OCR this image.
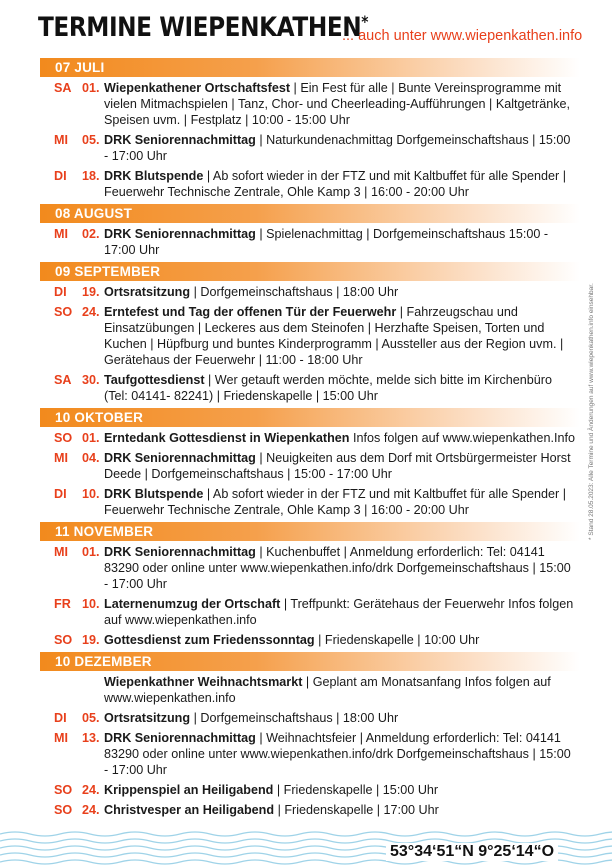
TERMINE WIEPENKATHEN*
... auch unter www.wiepenkathen.info
07 JULI
SA 01. Wiepenkathener Ortschaftsfest | Ein Fest für alle | Bunte Vereinsprogramme mit vielen Mitmachspielen | Tanz, Chor- und Cheerleading-Aufführungen | Kaltgetränke, Speisen uvm. | Festplatz | 10:00 - 15:00 Uhr
MI	05. DRK Seniorennachmittag | Naturkundenachmittag Dorfgemeinschaftshaus | 15:00 - 17:00 Uhr
DI	18. DRK Blutspende | Ab sofort wieder in der FTZ und mit Kaltbuffet für alle Spender | Feuerwehr Technische Zentrale, Ohle Kamp 3 | 16:00 - 20:00 Uhr
08 AUGUST
MI	02. DRK Seniorennachmittag | Spielenachmittag | Dorfgemeinschaftshaus 15:00 - 17:00 Uhr
09 SEPTEMBER
DI	19. Ortsratsitzung | Dorfgemeinschaftshaus | 18:00 Uhr
SO 24. Erntefest und Tag der offenen Tür der Feuerwehr | Fahrzeugschau und Einsatzübungen | Leckeres aus dem Steinofen | Herzhafte Speisen, Torten und Kuchen | Hüpfburg und buntes Kinderprogramm | Aussteller aus der Region uvm. | Gerätehaus der Feuerwehr | 11:00 - 18:00 Uhr
SA 30. Taufgottesdienst | Wer getauft werden möchte, melde sich bitte im Kirchenbüro (Tel: 04141- 82241) | Friedenskapelle | 15:00 Uhr
10 OKTOBER
SO 01. Erntedank Gottesdienst in Wiepenkathen Infos folgen auf www.wiepenkathen.Info
MI	04. DRK Seniorennachmittag | Neuigkeiten aus dem Dorf mit Ortsbürgermeister Horst Deede | Dorfgemeinschaftshaus | 15:00 - 17:00 Uhr
DI	10. DRK Blutspende | Ab sofort wieder in der FTZ und mit Kaltbuffet für alle Spender | Feuerwehr Technische Zentrale, Ohle Kamp 3 | 16:00 - 20:00 Uhr
11 NOVEMBER
MI	01. DRK Seniorennachmittag | Kuchenbuffet | Anmeldung erforderlich: Tel: 04141 83290 oder online unter www.wiepenkathen.info/drk Dorfgemeinschaftshaus | 15:00 - 17:00 Uhr
FR 10. Laternenumzug der Ortschaft | Treffpunkt: Gerätehaus der Feuerwehr Infos folgen auf www.wiepenkathen.info
SO 19. Gottesdienst zum Friedenssonntag | Friedenskapelle | 10:00 Uhr
10 DEZEMBER
Wiepenkathner Weihnachtsmarkt | Geplant am Monatsanfang Infos folgen auf www.wiepenkathen.info
DI	05. Ortsratsitzung | Dorfgemeinschaftshaus | 18:00 Uhr
MI	13. DRK Seniorennachmittag | Weihnachtsfeier | Anmeldung erforderlich: Tel: 04141 83290 oder online unter www.wiepenkathen.info/drk Dorfgemeinschaftshaus | 15:00 - 17:00 Uhr
SO 24. Krippenspiel an Heiligabend | Friedenskapelle | 15:00 Uhr
SO 24. Christvesper an Heiligabend | Friedenskapelle | 17:00 Uhr
* Stand 28.05.2023: Alle Termine und Änderungen auf www.wiepenkathen.info einsehbar.
53°34‘51“N 9°25‘14“O
